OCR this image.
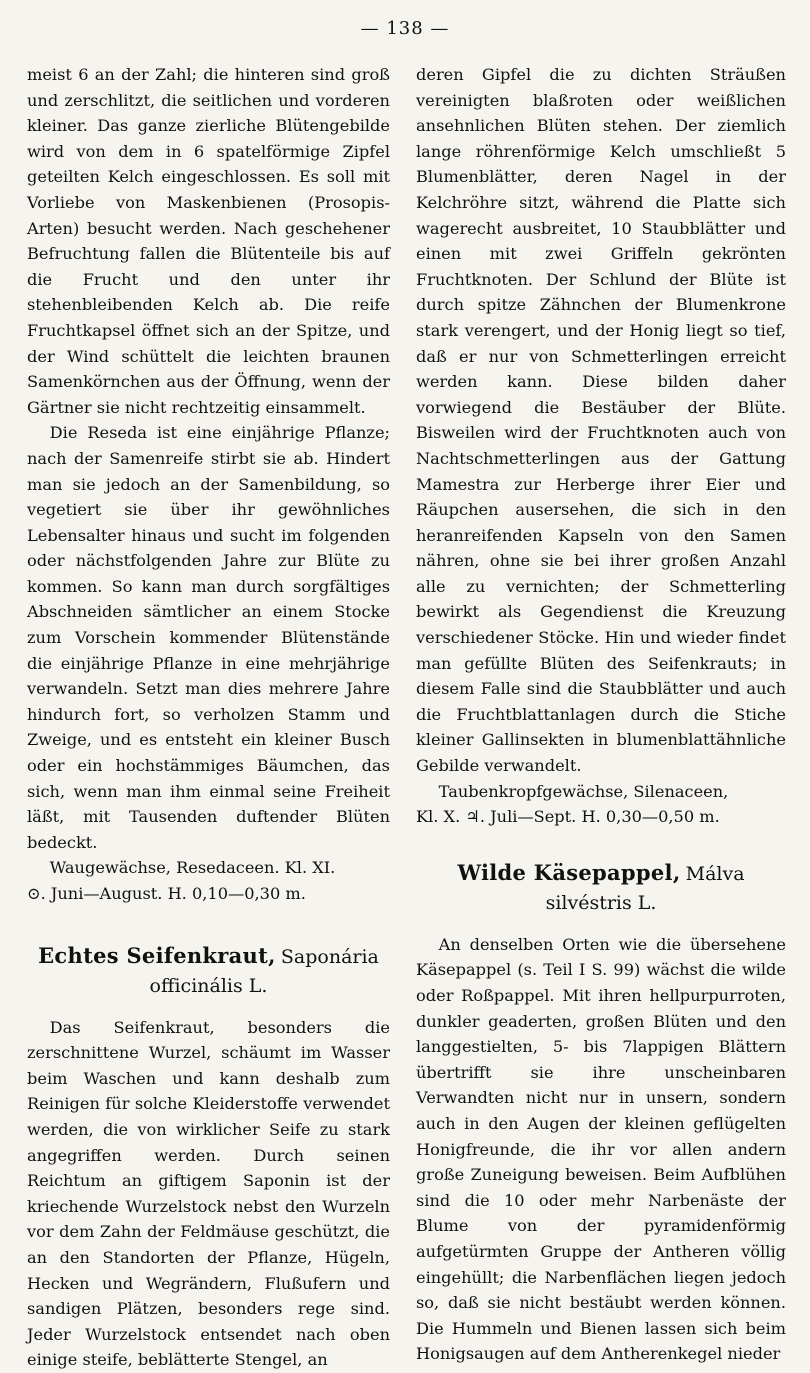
— 138 —

meist 6 an der Zahl; die hinteren sind groß und zerschlitzt, die seitlichen und vorderen kleiner. Das ganze zierliche Blütengebilde wird von dem in 6 spatelförmige Zipfel geteilten Kelch eingeschlossen. Es soll mit Vorliebe von Maskenbienen (Prosopis-Arten) besucht werden. Nach geschehener Befruchtung fallen die Blütenteile bis auf die Frucht und den unter ihr stehenbleibenden Kelch ab. Die reife Fruchtkapsel öffnet sich an der Spitze, und der Wind schüttelt die leichten braunen Samenkörnchen aus der Öffnung, wenn der Gärtner sie nicht rechtzeitig einsammelt.

Die Reseda ist eine einjährige Pflanze; nach der Samenreife stirbt sie ab. Hindert man sie jedoch an der Samenbildung, so vegetiert sie über ihr gewöhnliches Lebensalter hinaus und sucht im folgenden oder nächstfolgenden Jahre zur Blüte zu kommen. So kann man durch sorgfältiges Abschneiden sämtlicher an einem Stocke zum Vorschein kommender Blütenstände die einjährige Pflanze in eine mehrjährige verwandeln. Setzt man dies mehrere Jahre hindurch fort, so verholzen Stamm und Zweige, und es entsteht ein kleiner Busch oder ein hochstämmiges Bäumchen, das sich, wenn man ihm einmal seine Freiheit läßt, mit Tausenden duftender Blüten bedeckt.

Waugewächse, Resedaceen. Kl. XI.

⊙. Juni—August. H. 0,10—0,30 m.

Echtes Seifenkraut, Saponária
officinális L.

Das Seifenkraut, besonders die zerschnittene Wurzel, schäumt im Wasser beim Waschen und kann deshalb zum Reinigen für solche Kleiderstoffe verwendet werden, die von wirklicher Seife zu stark angegriffen werden. Durch seinen Reichtum an giftigem Saponin ist der kriechende Wurzelstock nebst den Wurzeln vor dem Zahn der Feldmäuse geschützt, die an den Standorten der Pflanze, Hügeln, Hecken und Wegrändern, Flußufern und sandigen Plätzen, besonders rege sind. Jeder Wurzelstock entsendet nach oben einige steife, beblätterte Stengel, an

deren Gipfel die zu dichten Sträußen vereinigten blaßroten oder weißlichen ansehnlichen Blüten stehen. Der ziemlich lange röhrenförmige Kelch umschließt 5 Blumenblätter, deren Nagel in der Kelchröhre sitzt, während die Platte sich wagerecht ausbreitet, 10 Staubblätter und einen mit zwei Griffeln gekrönten Fruchtknoten. Der Schlund der Blüte ist durch spitze Zähnchen der Blumenkrone stark verengert, und der Honig liegt so tief, daß er nur von Schmetterlingen erreicht werden kann. Diese bilden daher vorwiegend die Bestäuber der Blüte. Bisweilen wird der Fruchtknoten auch von Nachtschmetterlingen aus der Gattung Mamestra zur Herberge ihrer Eier und Räupchen ausersehen, die sich in den heranreifenden Kapseln von den Samen nähren, ohne sie bei ihrer großen Anzahl alle zu vernichten; der Schmetterling bewirkt als Gegendienst die Kreuzung verschiedener Stöcke. Hin und wieder findet man gefüllte Blüten des Seifenkrauts; in diesem Falle sind die Staubblätter und auch die Fruchtblattanlagen durch die Stiche kleiner Gallinsekten in blumenblattähnliche Gebilde verwandelt.

Taubenkropfgewächse, Silenaceen,

Kl. X. ♃. Juli—Sept. H. 0,30—0,50 m.

Wilde Käsepappel, Málva silvéstris L.

An denselben Orten wie die übersehene Käsepappel (s. Teil I S. 99) wächst die wilde oder Roßpappel. Mit ihren hellpurpurroten, dunkler geaderten, großen Blüten und den langgestielten, 5- bis 7lappigen Blättern übertrifft sie ihre unscheinbaren Verwandten nicht nur in unsern, sondern auch in den Augen der kleinen geflügelten Honigfreunde, die ihr vor allen andern große Zuneigung beweisen. Beim Aufblühen sind die 10 oder mehr Narbenäste der Blume von der pyramidenförmig aufgetürmten Gruppe der Antheren völlig eingehüllt; die Narbenflächen liegen jedoch so, daß sie nicht bestäubt werden können. Die Hummeln und Bienen lassen sich beim Honigsaugen auf dem Antherenkegel nieder
